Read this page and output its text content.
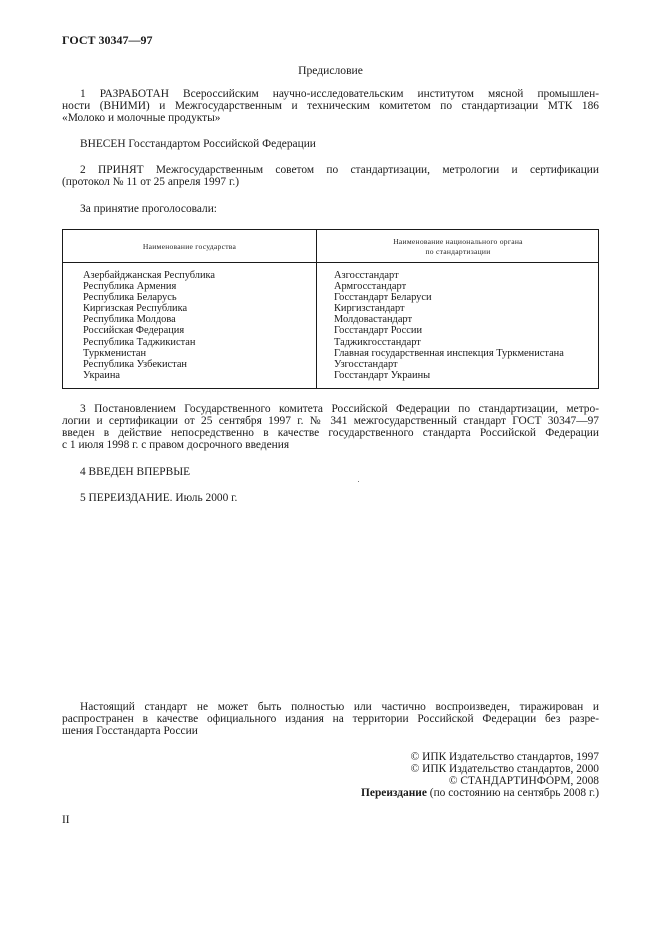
ГОСТ 30347—97
Предисловие
1 РАЗРАБОТАН Всероссийским научно-исследовательским институтом мясной промышлен-
ности (ВНИМИ) и Межгосударственным и техническим комитетом по стандартизации МТК 186
«Молоко и молочные продукты»
ВНЕСЕН Госстандартом Российской Федерации
2 ПРИНЯТ Межгосударственным советом по стандартизации, метрологии и сертификации
(протокол № 11 от 25 апреля 1997 г.)
За принятие проголосовали:
Наименование государства
Наименование национального органа
по стандартизации
Азербайджанская Республика
Республика Армения
Республика Беларусь
Киргизская Республика
Республика Молдова
Российская Федерация
Республика Таджикистан
Туркменистан
Республика Узбекистан
Украина
Азгосстандарт
Армгосстандарт
Госстандарт Беларуси
Киргизстандарт
Молдовастандарт
Госстандарт России
Таджикгосстандарт
Главная государственная инспекция Туркменистана
Узгосстандарт
Госстандарт Украины
3 Постановлением Государственного комитета Российской Федерации по стандартизации, метро-
логии и сертификации от 25 сентября 1997 г. № 341 межгосударственный стандарт ГОСТ 30347—97
введен в действие непосредственно в качестве государственного стандарта Российской Федерации
с 1 июля 1998 г. с правом досрочного введения
4 ВВЕДЕН ВПЕРВЫЕ
5 ПЕРЕИЗДАНИЕ. Июль 2000 г.
Настоящий стандарт не может быть полностью или частично воспроизведен, тиражирован и
распространен в качестве официального издания на территории Российской Федерации без разре-
шения Госстандарта России
© ИПК Издательство стандартов, 1997
© ИПК Издательство стандартов, 2000
© СТАНДАРТИНФОРМ, 2008
Переиздание (по состоянию на сентябрь 2008 г.)
II
